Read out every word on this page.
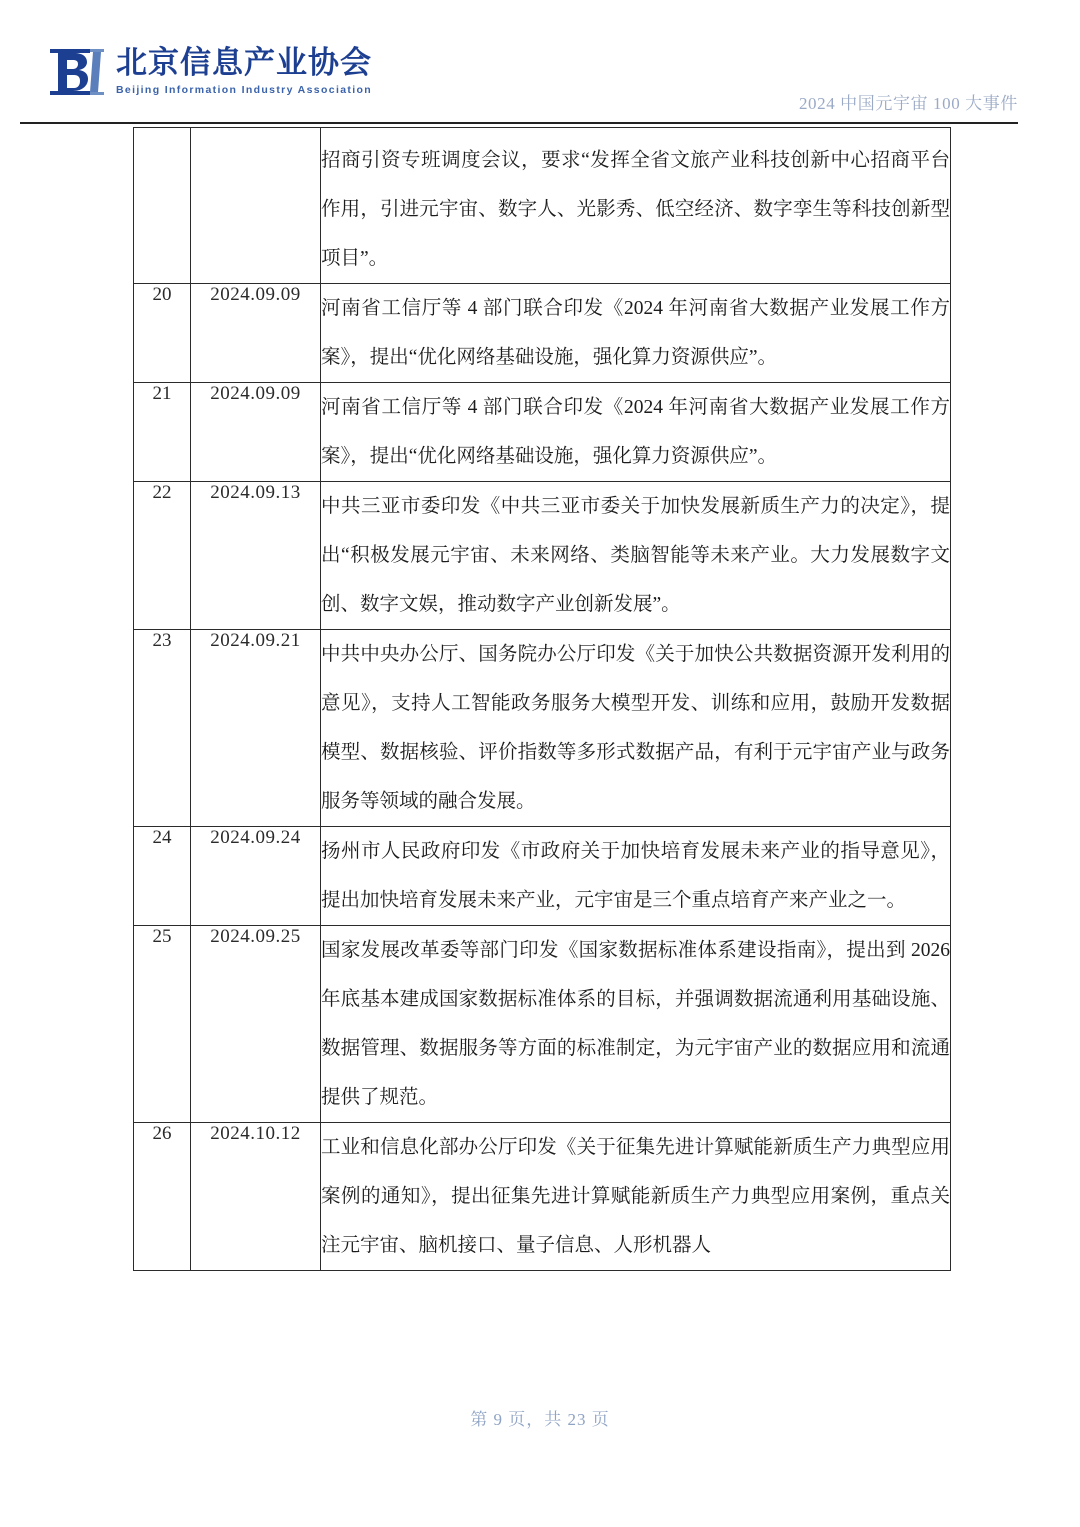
北京信息产业协会
Beijing Information Industry Association
2024 中国元宇宙 100 大事件
		招商引资专班调度会议，要求“发挥全省文旅产业科技创新中心招商平台作用，引进元宇宙、数字人、光影秀、低空经济、数字孪生等科技创新型项目”。
20	2024.09.09	河南省工信厅等 4 部门联合印发《2024 年河南省大数据产业发展工作方案》，提出“优化网络基础设施，强化算力资源供应”。
21	2024.09.09	河南省工信厅等 4 部门联合印发《2024 年河南省大数据产业发展工作方案》，提出“优化网络基础设施，强化算力资源供应”。
22	2024.09.13	中共三亚市委印发《中共三亚市委关于加快发展新质生产力的决定》，提出“积极发展元宇宙、未来网络、类脑智能等未来产业。大力发展数字文创、数字文娱，推动数字产业创新发展”。
23	2024.09.21	中共中央办公厅、国务院办公厅印发《关于加快公共数据资源开发利用的意见》，支持人工智能政务服务大模型开发、训练和应用，鼓励开发数据模型、数据核验、评价指数等多形式数据产品，有利于元宇宙产业与政务服务等领域的融合发展。
24	2024.09.24	扬州市人民政府印发《市政府关于加快培育发展未来产业的指导意见》，提出加快培育发展未来产业，元宇宙是三个重点培育产来产业之一。
25	2024.09.25	国家发展改革委等部门印发《国家数据标准体系建设指南》，提出到 2026 年底基本建成国家数据标准体系的目标，并强调数据流通利用基础设施、数据管理、数据服务等方面的标准制定，为元宇宙产业的数据应用和流通提供了规范。
26	2024.10.12	工业和信息化部办公厅印发《关于征集先进计算赋能新质生产力典型应用案例的通知》，提出征集先进计算赋能新质生产力典型应用案例，重点关注元宇宙、脑机接口、量子信息、人形机器人
第 9 页，共 23 页
